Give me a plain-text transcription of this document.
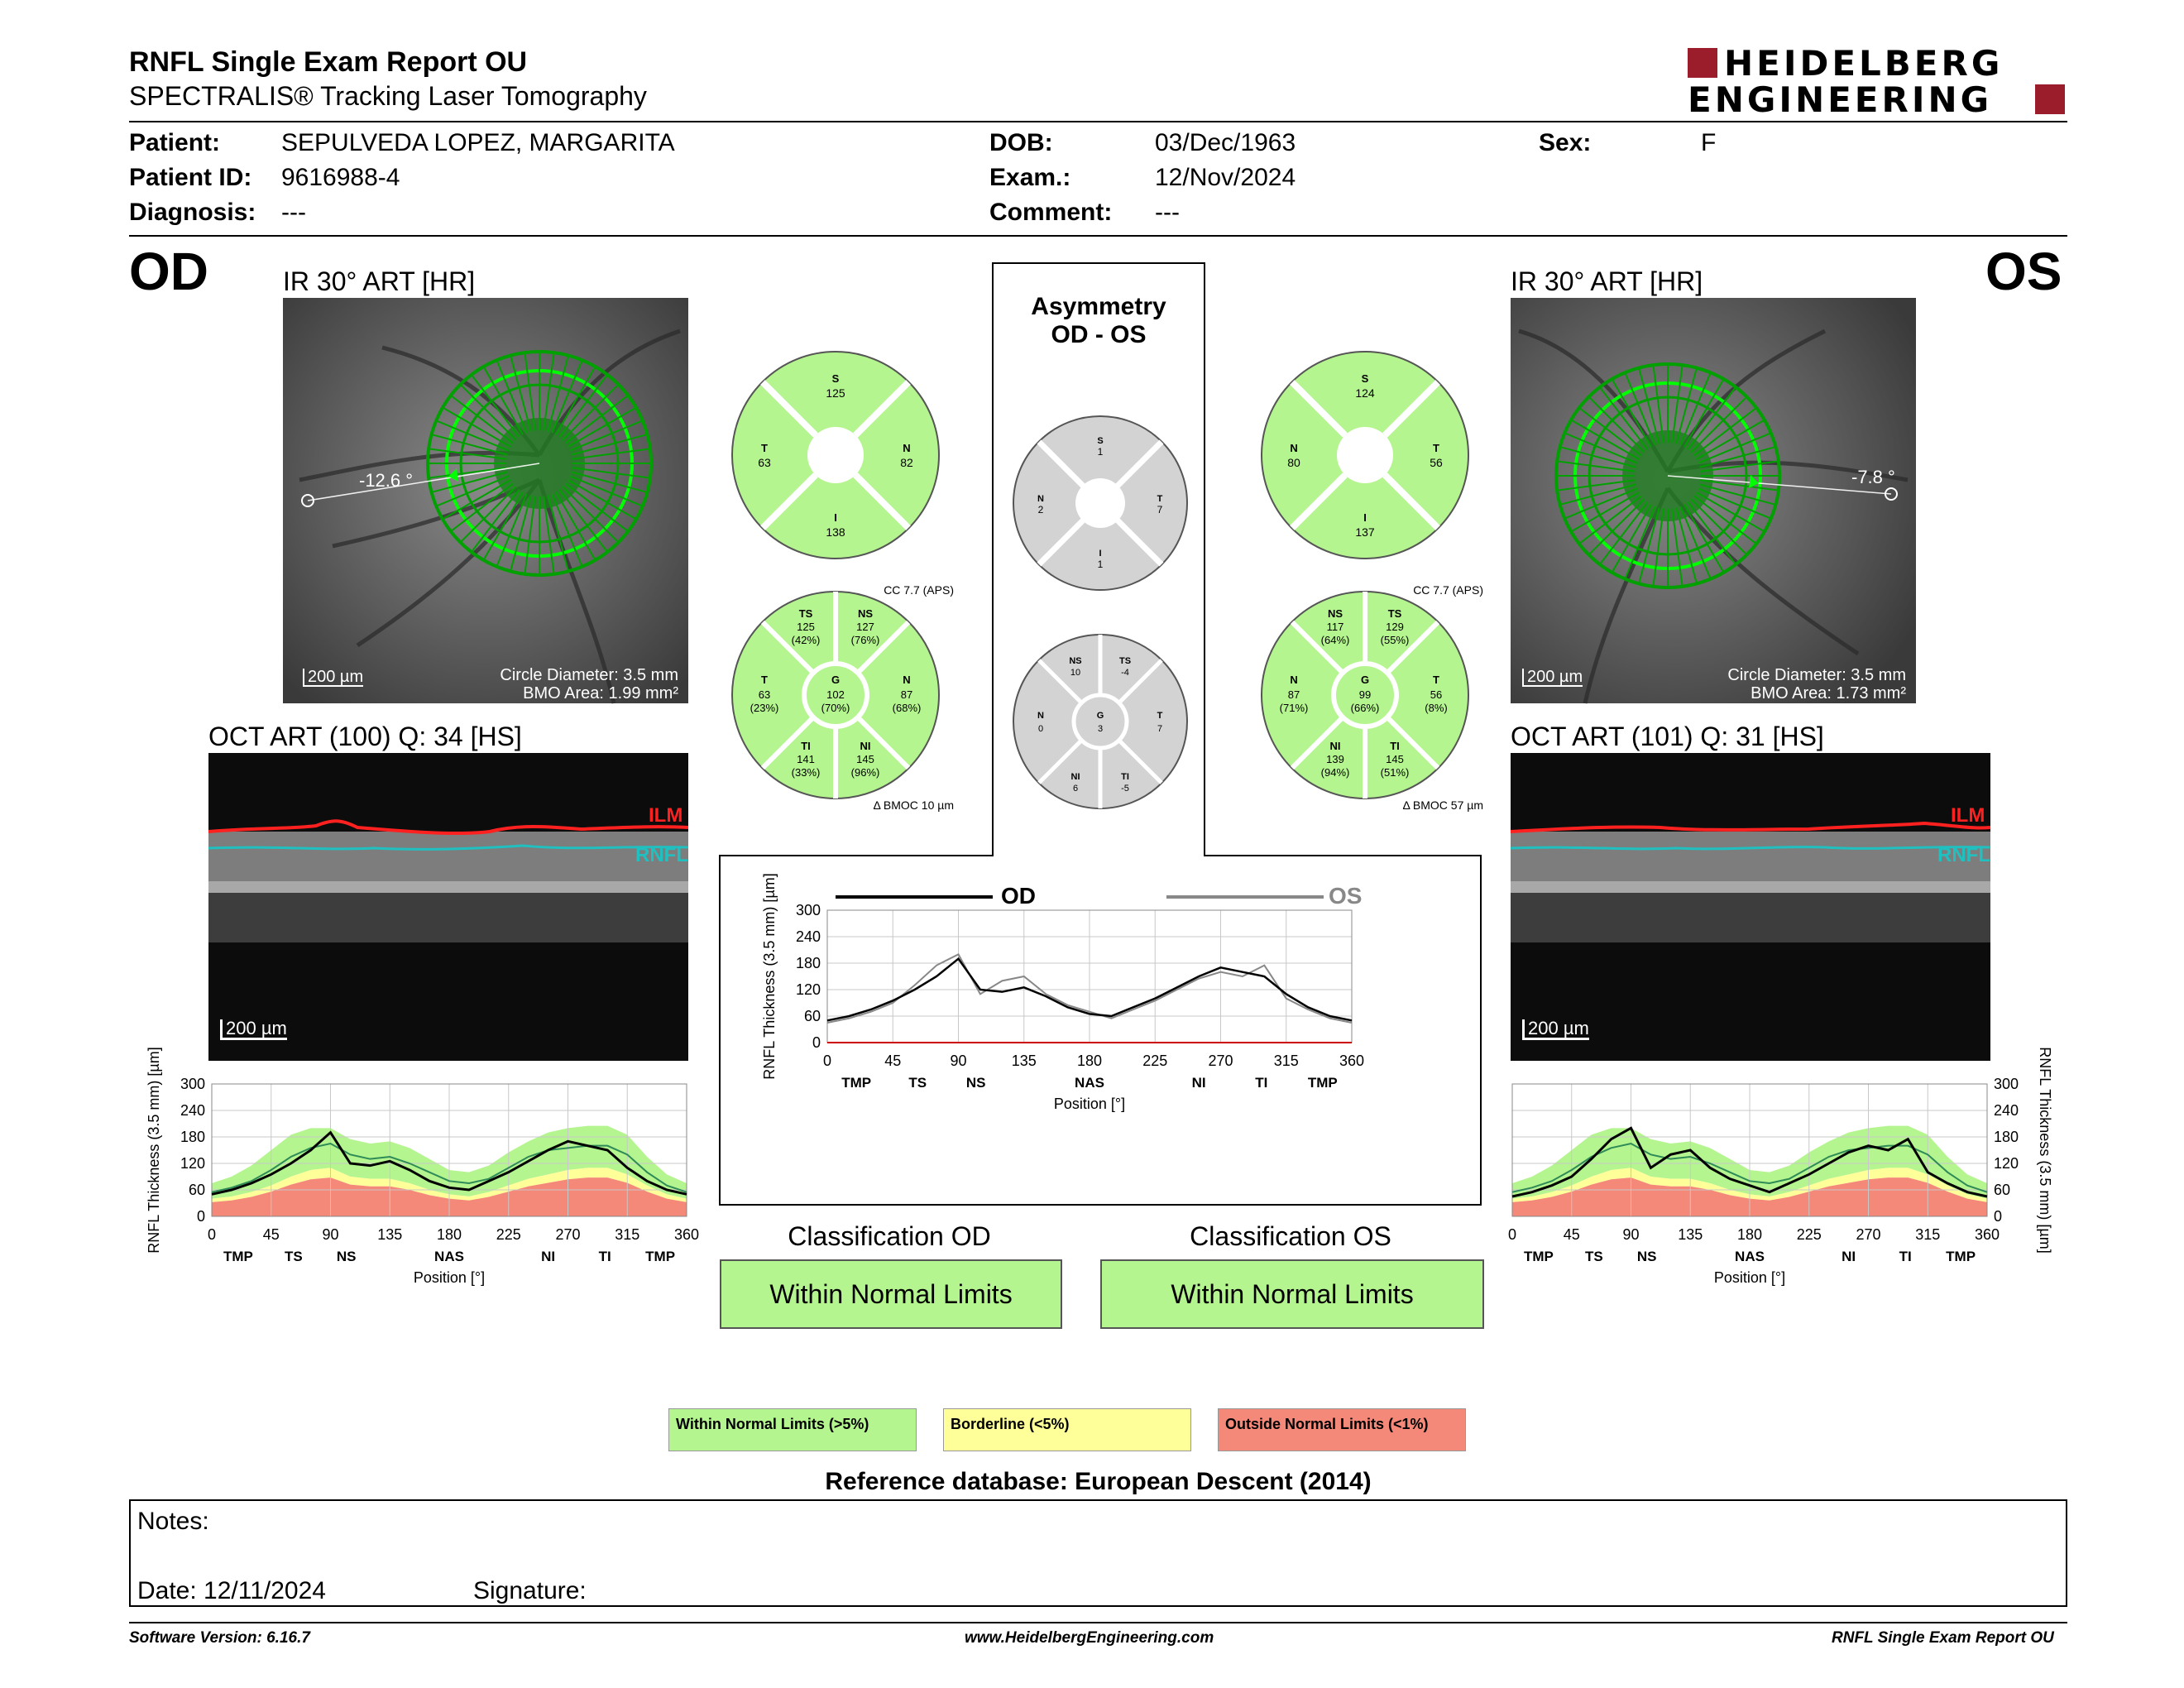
RNFL Single Exam Report OU
SPECTRALIS® Tracking Laser Tomography
HEIDELBERG
ENGINEERING
Patient: SEPULVEDA LOPEZ, MARGARITA
Patient ID: 9616988-4
Diagnosis: ---
DOB:	03/Dec/1963
Exam.:	12/Nov/2024
Comment: ---
Sex:	F
OD	OS
IR 30° ART [HR]
-12.6 °
200 µm	Circle Diameter: 3.5 mm
BMO Area: 1.99 mm²
IR 30° ART [HR]
-7.8 °
200 µm	Circle Diameter: 3.5 mm
BMO Area: 1.73 mm²
OCT ART (100) Q: 34 [HS]
ILM
RNFL
200 µm
OCT ART (101) Q: 31 [HS]
ILM
RNFL
200 µm
S
125
T
63
N
82
I
138
CC 7.7 (APS)
TS
125
(42%)
NS
127
(76%)
T
63
(23%)
G
102
(70%)
N
87
(68%)
TI
141
(33%)
NI
145
(96%)
Δ BMOC 10 µm
S
1
N
2
T
7
I
1
NS
10
TS
-4
N
0
G
3
T
7
NI
6
TI
-5
S
124
N
80
T
56
I
137
CC 7.7 (APS)
NS
117
(64%)
TS
129
(55%)
N
87
(71%)
G
99
(66%)
T
56
(8%)
NI
139
(94%)
TI
145
(51%)
Δ BMOC 57 µm
Asymmetry
OD - OS
0
60
120
180
240
300
0	45	90	135 180 225 270 315 360
TMP TS NS	NAS	NI	TI TMP
Position [°]
RNFL Thickness (3.5 mm) [µm]
0
60
120
180
240
300
0	45	90	135	180	225	270	315	360
TMP	TS	NS	NAS	NI	TI	TMP
Position [°]
RNFL Thickness (3.5 mm) [µm]	OD	OS
0
60
120
180
240
300
0	45	90	135 180 225 270 315 360
TMP TS NS	NAS	NI	TI TMP
Position [°]
RNFL Thickness (3.5 mm) [µm]
Classification OD
Within Normal Limits
Classification OS
Within Normal Limits
Within Normal Limits (>5%)	Borderline (<5%)	Outside Normal Limits (<1%)
Reference database: European Descent (2014)
Notes:
Date: 12/11/2024	Signature:
Software Version: 6.16.7	www.HeidelbergEngineering.com	RNFL Single Exam Report OU
